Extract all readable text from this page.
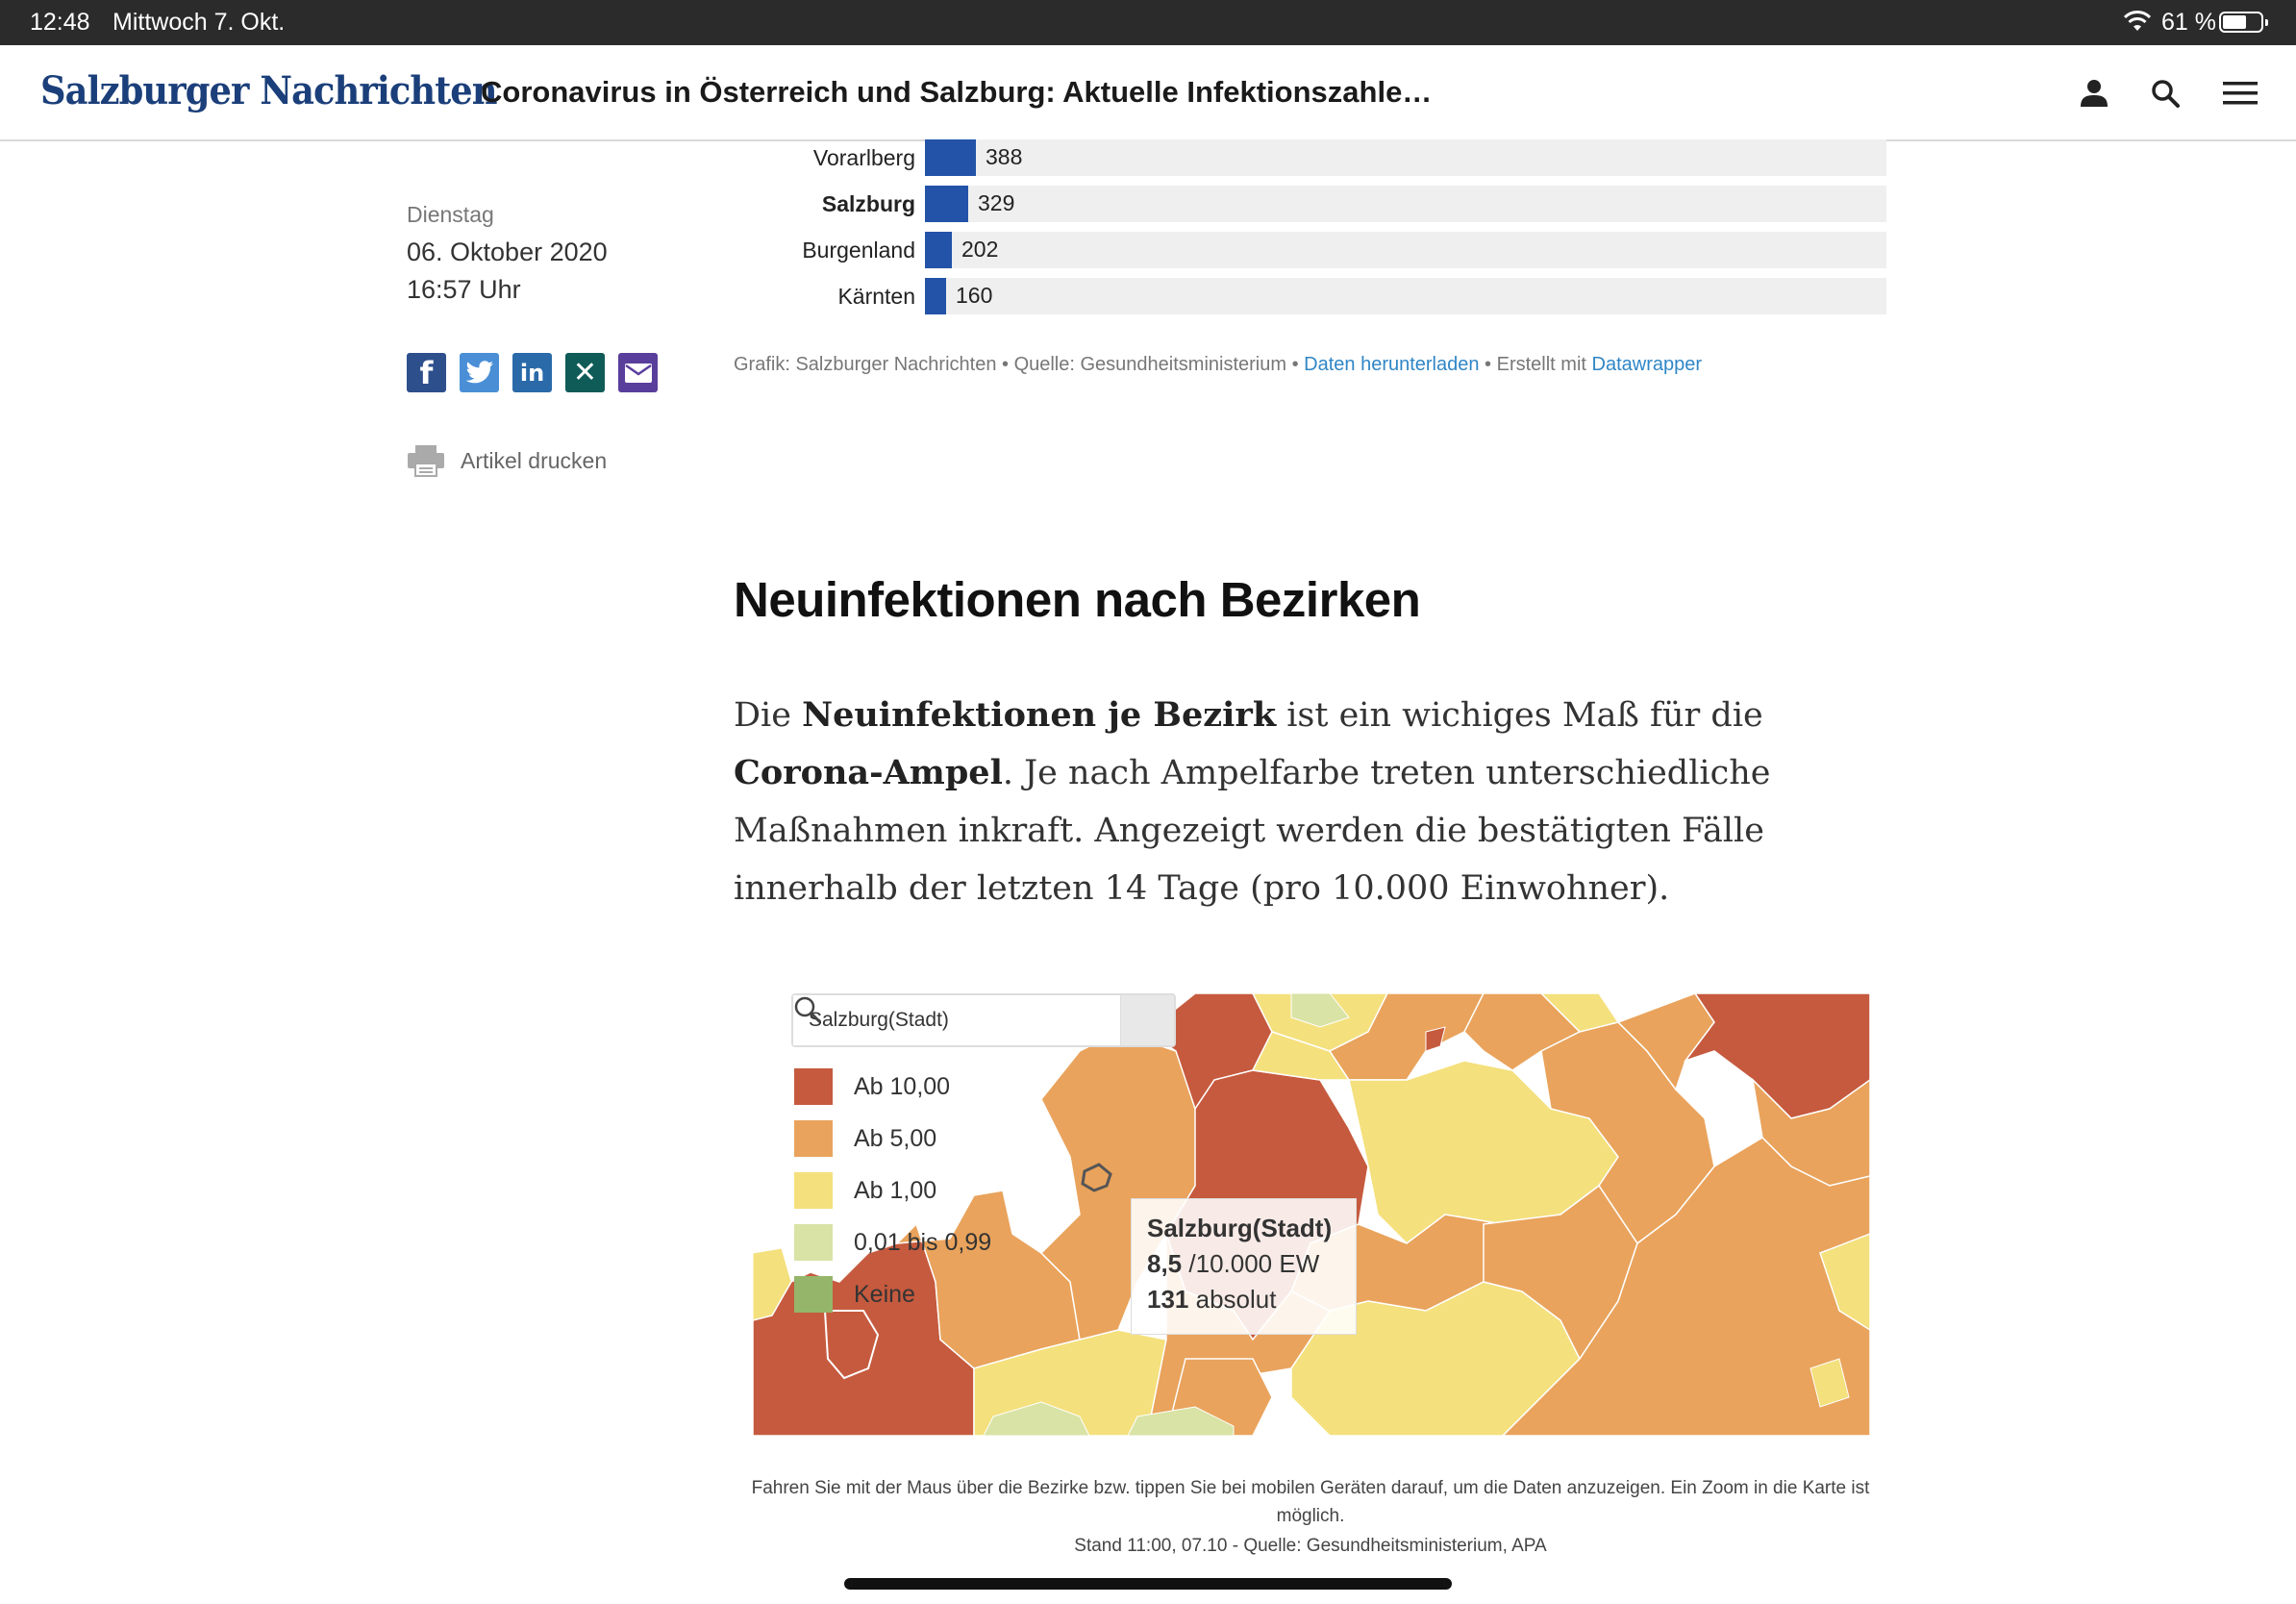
12:48 Mittwoch 7. Okt.	61 %
Salzburger Nachrichten
Coronavirus in Österreich und Salzburg: Aktuelle Infektionszahle…
Dienstag
06. Oktober 2020
16:57 Uhr
f	in ✕
Artikel drucken
Vorarlberg	388
Salzburg	329
Burgenland 202
Kärnten 160
Grafik: Salzburger Nachrichten • Quelle: Gesundheitsministerium • Daten herunterladen • Erstellt mit Datawrapper
Neuinfektionen nach Bezirken

Die Neuinfektionen je Bezirk ist ein wichiges Maß für die Corona-Ampel. Je nach Ampelfarbe treten unterschiedliche Maßnahmen inkraft. Angezeigt werden die bestätigten Fälle innerhalb der letzten 14 Tage (pro 10.000 Einwohner).

Salzburg(Stadt)
Ab 10,00
Ab 5,00
Ab 1,00
0,01 bis 0,99
Keine
Salzburg(Stadt)
8,5 /10.000 EW
131 absolut
Fahren Sie mit der Maus über die Bezirke bzw. tippen Sie bei mobilen Geräten darauf, um die Daten anzuzeigen. Ein Zoom in die Karte ist möglich.
Stand 11:00, 07.10 - Quelle: Gesundheitsministerium, APA
